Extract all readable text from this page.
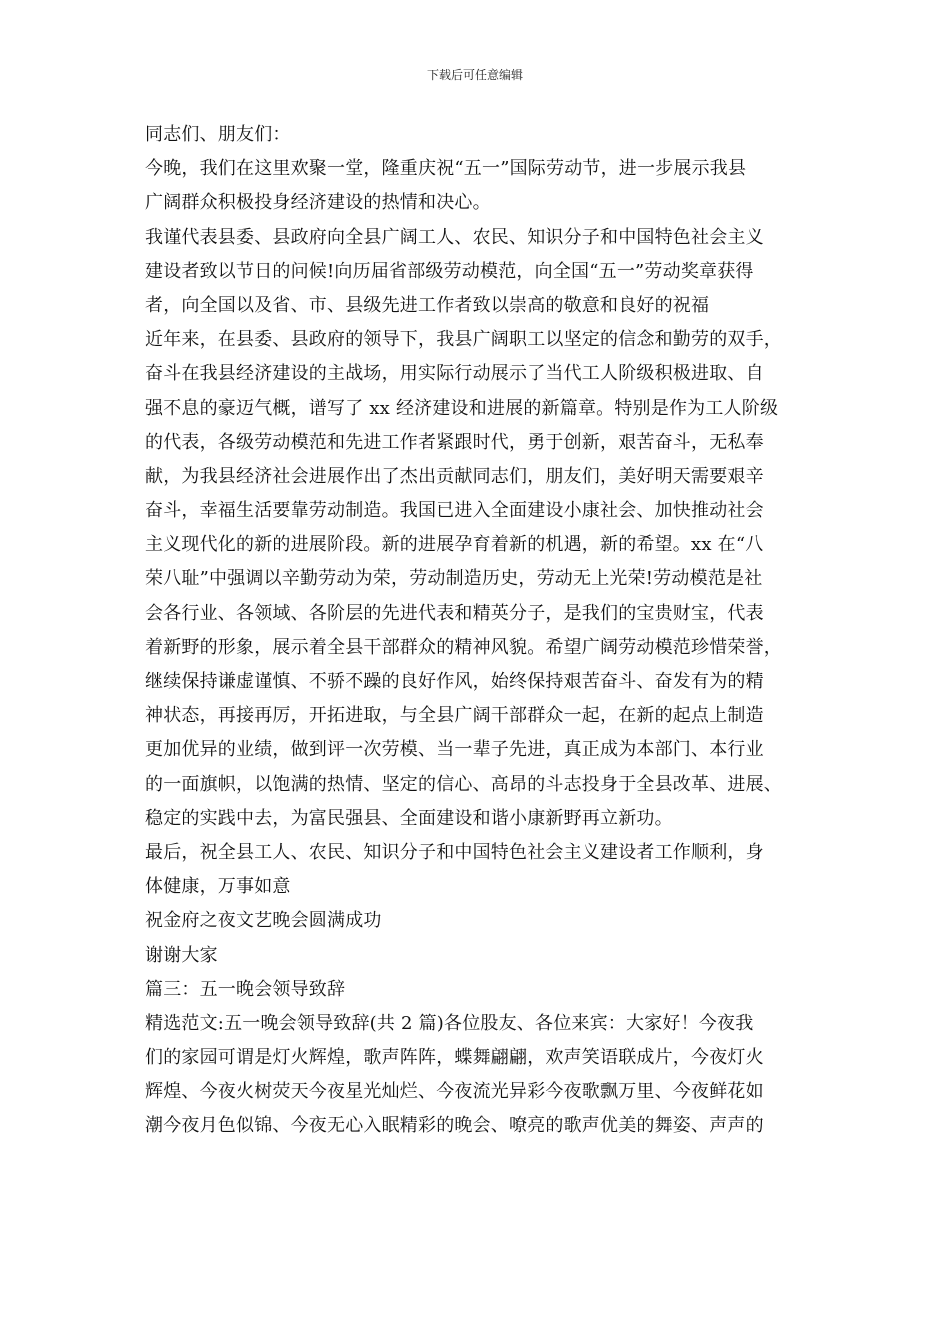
下载后可任意编辑
同志们、朋友们：
今晚，我们在这里欢聚一堂，隆重庆祝“五一”国际劳动节，进一步展示我县
广阔群众积极投身经济建设的热情和决心。
我谨代表县委、县政府向全县广阔工人、农民、知识分子和中国特色社会主义
建设者致以节日的问候!向历届省部级劳动模范，向全国“五一”劳动奖章获得
者，向全国以及省、市、县级先进工作者致以崇高的敬意和良好的祝福
近年来，在县委、县政府的领导下，我县广阔职工以坚定的信念和勤劳的双手，
奋斗在我县经济建设的主战场，用实际行动展示了当代工人阶级积极进取、自
强不息的豪迈气概，谱写了 xx 经济建设和进展的新篇章。特别是作为工人阶级
的代表，各级劳动模范和先进工作者紧跟时代，勇于创新，艰苦奋斗，无私奉
献，为我县经济社会进展作出了杰出贡献同志们，朋友们，美好明天需要艰辛
奋斗，幸福生活要靠劳动制造。我国已进入全面建设小康社会、加快推动社会
主义现代化的新的进展阶段。新的进展孕育着新的机遇，新的希望。xx 在“八
荣八耻”中强调以辛勤劳动为荣，劳动制造历史，劳动无上光荣!劳动模范是社
会各行业、各领域、各阶层的先进代表和精英分子，是我们的宝贵财宝，代表
着新野的形象，展示着全县干部群众的精神风貌。希望广阔劳动模范珍惜荣誉，
继续保持谦虚谨慎、不骄不躁的良好作风，始终保持艰苦奋斗、奋发有为的精
神状态，再接再厉，开拓进取，与全县广阔干部群众一起，在新的起点上制造
更加优异的业绩，做到评一次劳模、当一辈子先进，真正成为本部门、本行业
的一面旗帜，以饱满的热情、坚定的信心、高昂的斗志投身于全县改革、进展、
稳定的实践中去，为富民强县、全面建设和谐小康新野再立新功。
最后，祝全县工人、农民、知识分子和中国特色社会主义建设者工作顺利，身
体健康，万事如意
祝金府之夜文艺晚会圆满成功
谢谢大家
篇三：五一晚会领导致辞
精选范文:五一晚会领导致辞(共 2 篇)各位股友、各位来宾：大家好！今夜我
们的家园可谓是灯火辉煌，歌声阵阵，蝶舞翩翩，欢声笑语联成片，今夜灯火
辉煌、今夜火树荧天今夜星光灿烂、今夜流光异彩今夜歌飘万里、今夜鲜花如
潮今夜月色似锦、今夜无心入眠精彩的晚会、嘹亮的歌声优美的舞姿、声声的
